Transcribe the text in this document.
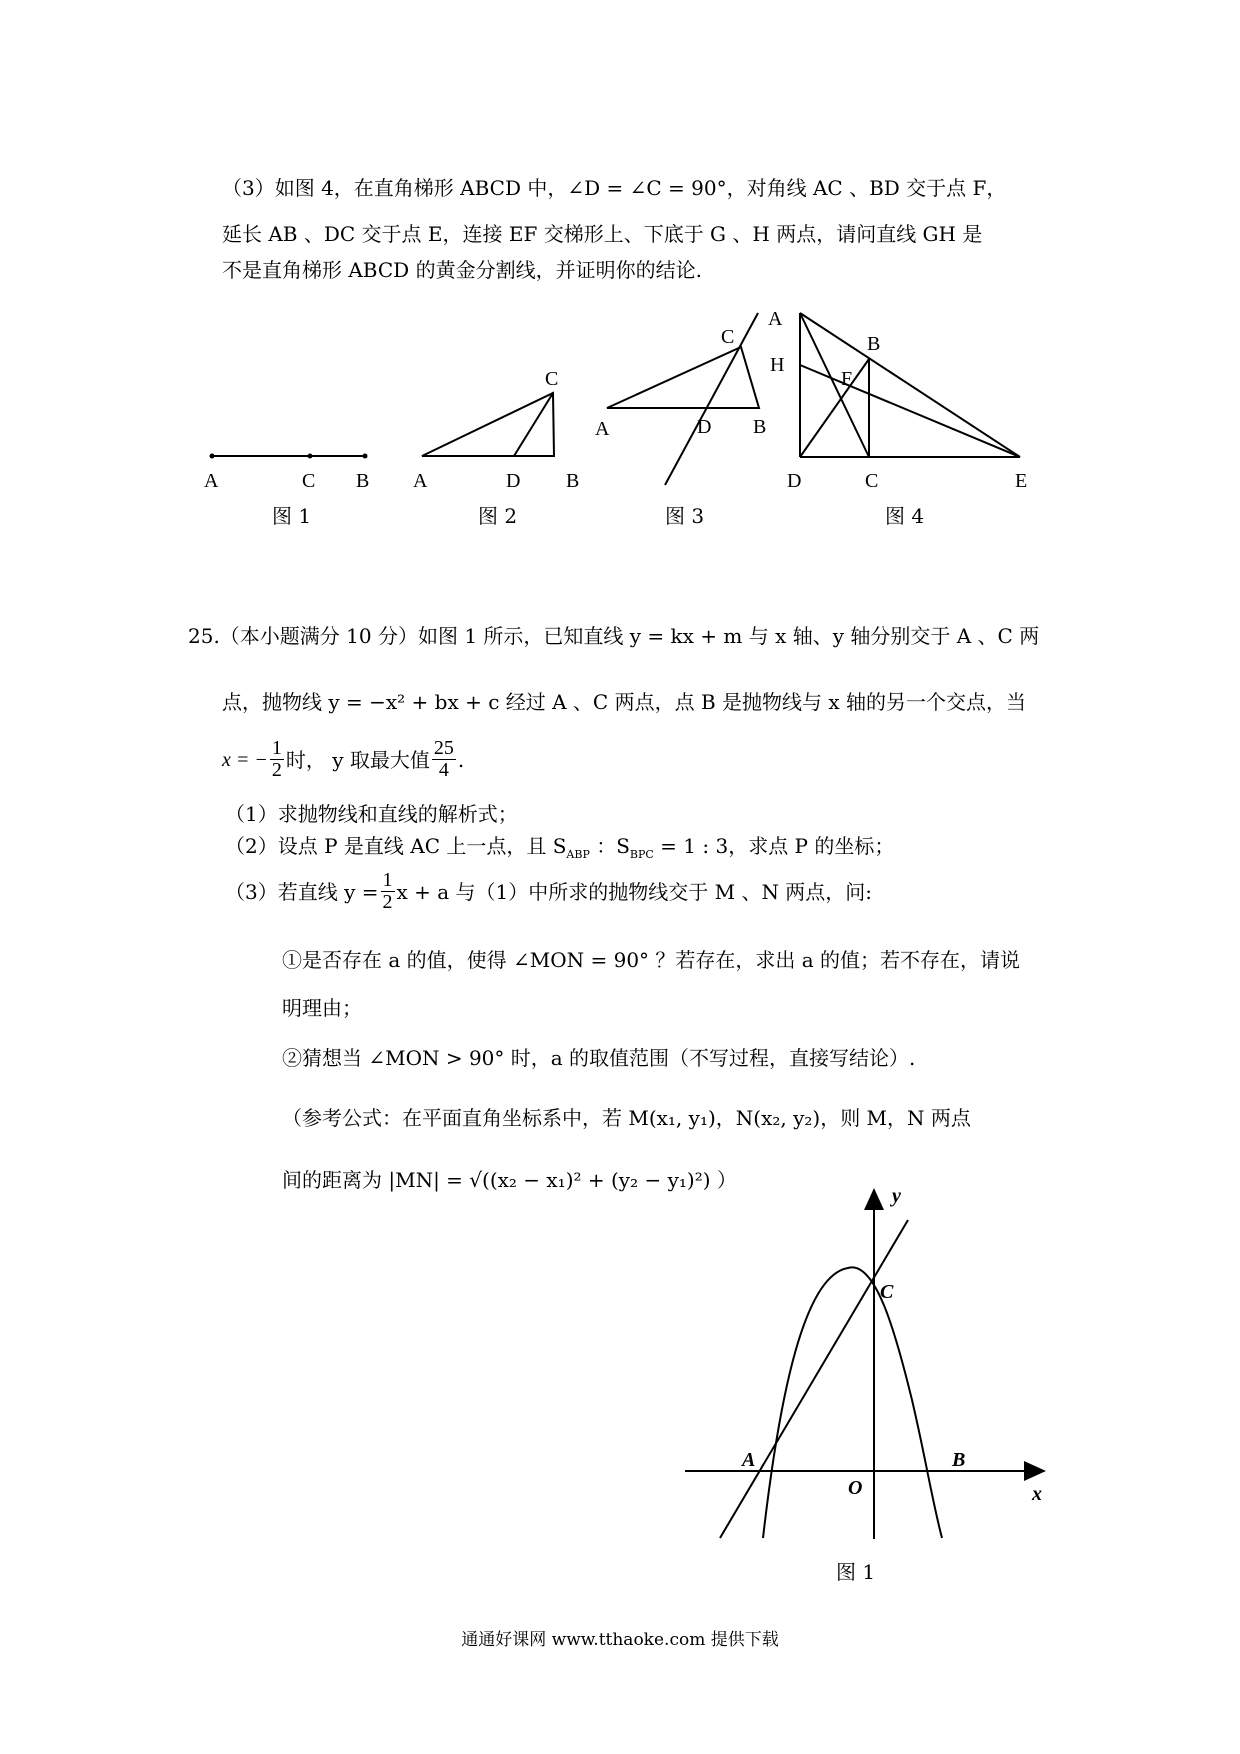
（3）如图 4，在直角梯形 ABCD 中，∠D = ∠C = 90°，对角线 AC 、BD 交于点 F，
延长 AB 、DC 交于点 E，连接 EF 交梯形上、下底于 G 、H 两点，请问直线 GH 是
不是直角梯形 ABCD 的黄金分割线，并证明你的结论.
A	C B
图 1
A	D B
C
图 2
A	D B
C
图 3
A
B
H
F
D	C	E
图 4
25.（本小题满分 10 分）如图 1 所示，已知直线 y = kx + m 与 x 轴、y 轴分别交于 A 、C 两
点，抛物线 y = −x² + bx + c 经过 A 、C 两点，点 B 是抛物线与 x 轴的另一个交点，当
x = − $\frac{1}{2}$ 时， y 取最大值 $\frac{25}{4}$ .
（1）求抛物线和直线的解析式；
（2）设点 P 是直线 AC 上一点，且 $S_{ABP}$ ：$S_{BPC} = 1$ : 3，求点 P 的坐标；
（3）若直线 $y = \frac{1}{2}$ x + a 与（1）中所求的抛物线交于 M 、N 两点，问:
①是否存在 a 的值，使得 ∠MON = 90° ？若存在，求出 a 的值；若不存在，请说
明理由；
②猜想当 ∠MON > 90° 时，a 的取值范围（不写过程，直接写结论）.
（参考公式：在平面直角坐标系中，若 M(x₁, y₁)，N(x₂, y₂)，则 M，N 两点
间的距离为 |MN| = √((x₂ − x₁)² + (y₂ − y₁)²) ）
y
x
C
A	B
O
图 1
通通好课网 www.tthaoke.com 提供下载
